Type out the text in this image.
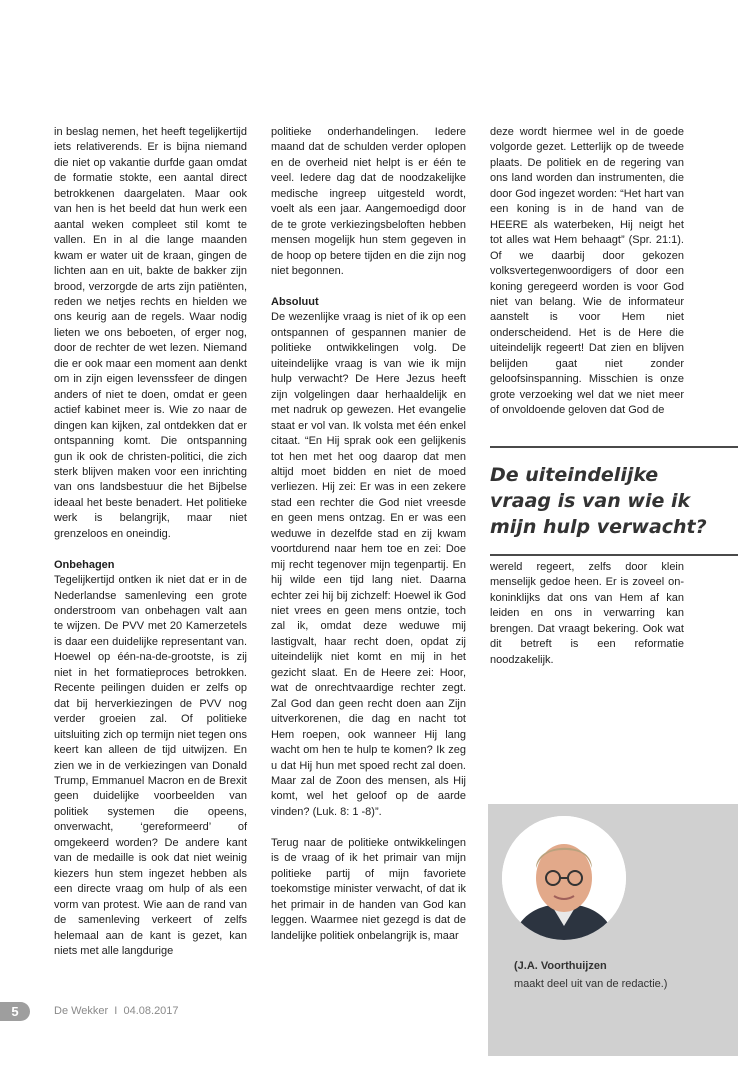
in beslag nemen, het heeft tegelijkertijd iets relativerends. Er is bijna niemand die niet op vakantie durfde gaan omdat de formatie stokte, een aantal direct betrokkenen daargelaten. Maar ook van hen is het beeld dat hun werk een aantal weken compleet stil komt te vallen. En in al die lange maanden kwam er water uit de kraan, gingen de lichten aan en uit, bakte de bakker zijn brood, verzorgde de arts zijn patiënten, reden we netjes rechts en hielden we ons keurig aan de regels. Waar nodig lieten we ons beboeten, of erger nog, door de rechter de wet lezen. Niemand die er ook maar een moment aan denkt om in zijn eigen levenssfeer de dingen anders of niet te doen, omdat er geen actief kabinet meer is. Wie zo naar de dingen kan kijken, zal ontdekken dat er ontspanning komt. Die ontspanning gun ik ook de christen-politici, die zich sterk blijven maken voor een inrichting van ons landsbestuur die het Bijbelse ideaal het beste benadert. Het politieke werk is belangrijk, maar niet grenzeloos en oneindig.

Onbehagen
Tegelijkertijd ontken ik niet dat er in de Nederlandse samenleving een grote onderstroom van onbehagen valt aan te wijzen. De PVV met 20 Kamerzetels is daar een duidelijke representant van. Hoewel op één-na-de-grootste, is zij niet in het formatieproces betrokken. Recente peilingen duiden er zelfs op dat bij herverkiezingen de PVV nog verder groeien zal. Of politieke uitsluiting zich op termijn niet tegen ons keert kan alleen de tijd uitwijzen. En zien we in de verkiezingen van Donald Trump, Emmanuel Macron en de Brexit geen duidelijke voorbeelden van politiek systemen die opeens, onverwacht, ‘gereformeerd’ of omgekeerd worden? De andere kant van de medaille is ook dat niet weinig kiezers hun stem ingezet hebben als een directe vraag om hulp of als een vorm van protest. Wie aan de rand van de samenleving verkeert of zelfs helemaal aan de kant is gezet, kan niets met alle langdurige

politieke onderhandelingen. Iedere maand dat de schulden verder oplopen en de overheid niet helpt is er één te veel. Iedere dag dat de noodzakelijke medische ingreep uitgesteld wordt, voelt als een jaar. Aangemoedigd door de te grote verkiezingsbeloften hebben mensen mogelijk hun stem gegeven in de hoop op betere tijden en die zijn nog niet begonnen.

Absoluut
De wezenlijke vraag is niet of ik op een ontspannen of gespannen manier de politieke ontwikkelingen volg. De uiteindelijke vraag is van wie ik mijn hulp verwacht? De Here Jezus heeft zijn volgelingen daar herhaaldelijk en met nadruk op gewezen. Het evangelie staat er vol van. Ik volsta met één enkel citaat. “En Hij sprak ook een gelijkenis tot hen met het oog daarop dat men altijd moet bidden en niet de moed verliezen. Hij zei: Er was in een zekere stad een rechter die God niet vreesde en geen mens ontzag. En er was een weduwe in dezelfde stad en zij kwam voortdurend naar hem toe en zei: Doe mij recht tegenover mijn tegenpartij. En hij wilde een tijd lang niet. Daarna echter zei hij bij zichzelf: Hoewel ik God niet vrees en geen mens ontzie, toch zal ik, omdat deze weduwe mij lastigvalt, haar recht doen, opdat zij uiteindelijk niet komt en mij in het gezicht slaat. En de Heere zei: Hoor, wat de onrechtvaardige rechter zegt. Zal God dan geen recht doen aan Zijn uitverkorenen, die dag en nacht tot Hem roepen, ook wanneer Hij lang wacht om hen te hulp te komen? Ik zeg u dat Hij hun met spoed recht zal doen. Maar zal de Zoon des mensen, als Hij komt, wel het geloof op de aarde vinden? (Luk. 8: 1 -8)”.

Terug naar de politieke ontwikkelingen is de vraag of ik het primair van mijn politieke partij of mijn favoriete toekomstige minister verwacht, of dat ik het primair in de handen van God kan leggen. Waarmee niet gezegd is dat de landelijke politiek onbelangrijk is, maar

deze wordt hiermee wel in de goede volgorde gezet. Letterlijk op de tweede plaats. De politiek en de regering van ons land worden dan instrumenten, die door God ingezet worden: “Het hart van een koning is in de hand van de HEERE als waterbeken, Hij neigt het tot alles wat Hem behaagt” (Spr. 21:1). Of we daarbij door gekozen volksvertegenwoordigers of door een koning geregeerd worden is voor God niet van belang. Wie de informateur aanstelt is voor Hem niet onderscheidend. Het is de Here die uiteindelijk regeert! Dat zien en blijven belijden gaat niet zonder geloofsinspanning. Misschien is onze grote verzoeking wel dat we niet meer of onvoldoende geloven dat God de

De uiteindelijke vraag is van wie ik mijn hulp verwacht?

wereld regeert, zelfs door klein menselijk gedoe heen. Er is zoveel on-koninklijks dat ons van Hem af kan leiden en ons in verwarring kan brengen. Dat vraagt bekering. Ook wat dit betreft is een reformatie noodzakelijk.

(J.A. Voorthuijzen
maakt deel uit van de redactie.)
5	De Wekker  I  04.08.2017
